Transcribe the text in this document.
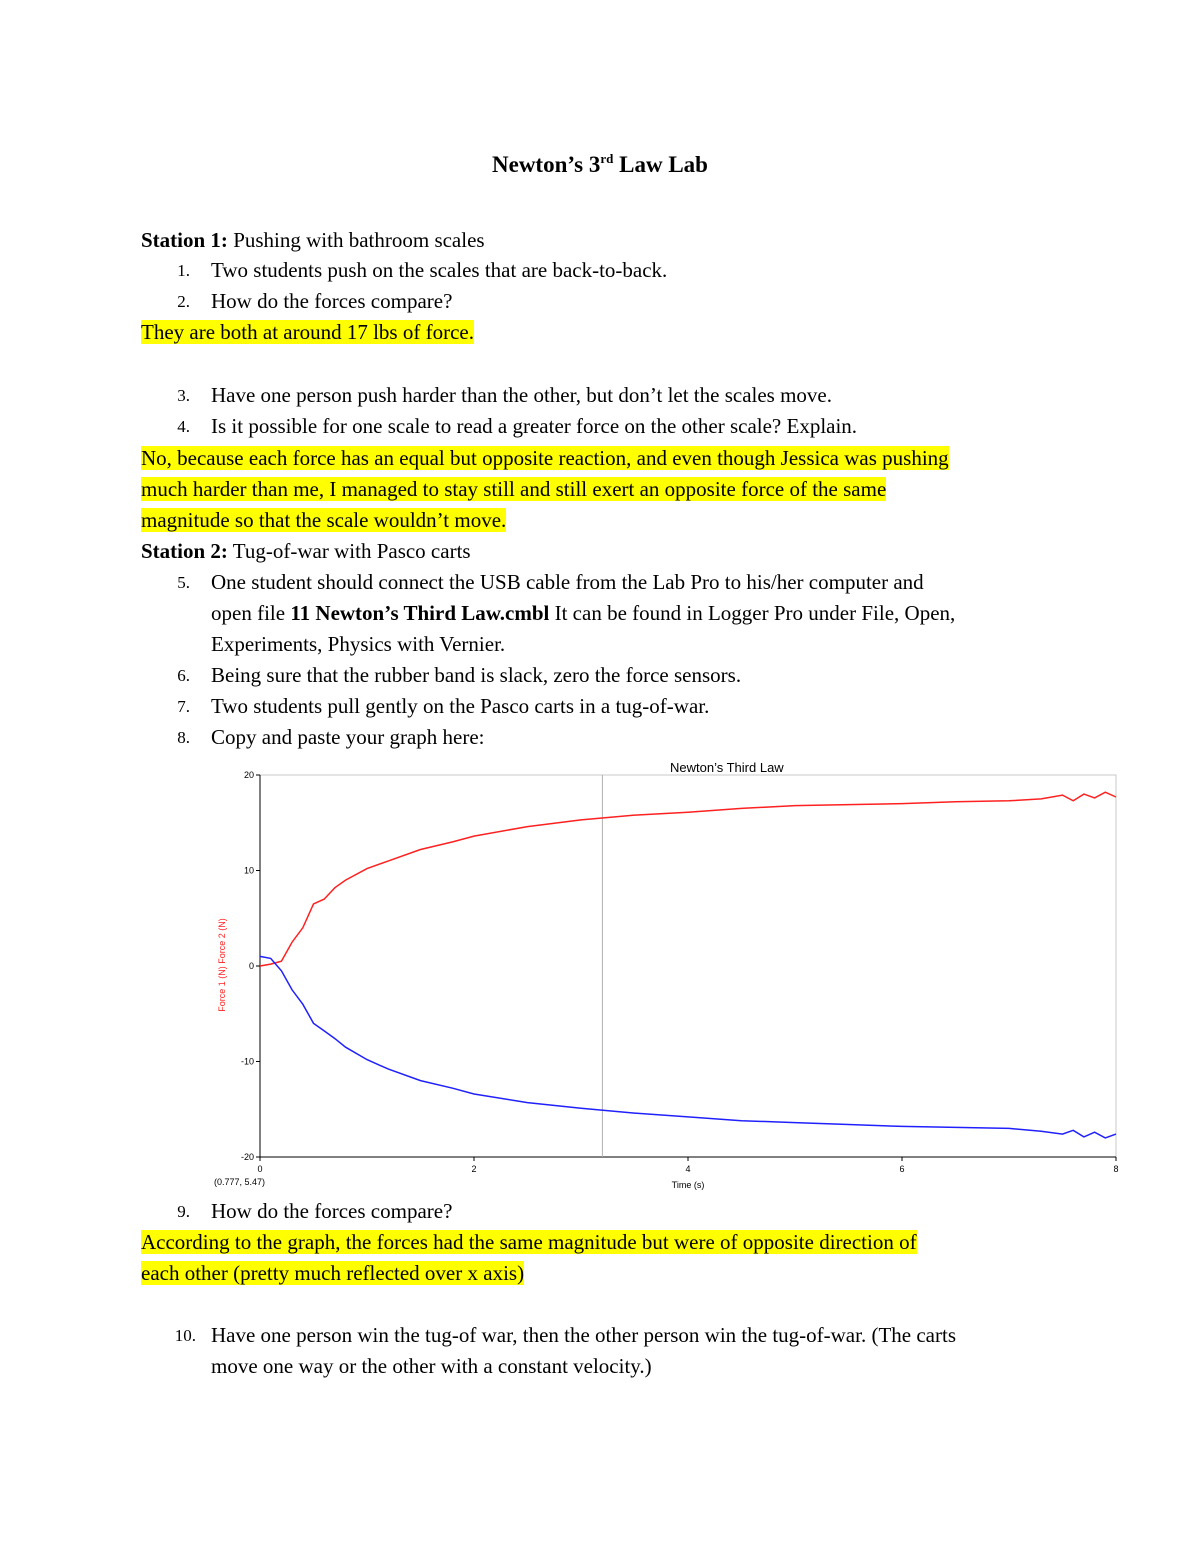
Newton’s 3rd Law Lab
Station 1: Pushing with bathroom scales
1. Two students push on the scales that are back-to-back.
2. How do the forces compare?
They are both at around 17 lbs of force.
3. Have one person push harder than the other, but don’t let the scales move.
4. Is it possible for one scale to read a greater force on the other scale? Explain.
No, because each force has an equal but opposite reaction, and even though Jessica was pushing
much harder than me, I managed to stay still and still exert an opposite force of the same
magnitude so that the scale wouldn’t move.
Station 2: Tug-of-war with Pasco carts
5. One student should connect the USB cable from the Lab Pro to his/her computer and
open file 11 Newton’s Third Law.cmbl It can be found in Logger Pro under File, Open,
Experiments, Physics with Vernier.
6. Being sure that the rubber band is slack, zero the force sensors.
7. Two students pull gently on the Pasco carts in a tug-of-war.
8. Copy and paste your graph here:
0	2	4	6	8
20
10
0
-10
-20
Newton’s Third Law
Time (s)
Force 1 (N) Force 2 (N)
(0.777, 5.47)
9. How do the forces compare?
According to the graph, the forces had the same magnitude but were of opposite direction of
each other (pretty much reflected over x axis)
10. Have one person win the tug-of war, then the other person win the tug-of-war. (The carts
move one way or the other with a constant velocity.)
